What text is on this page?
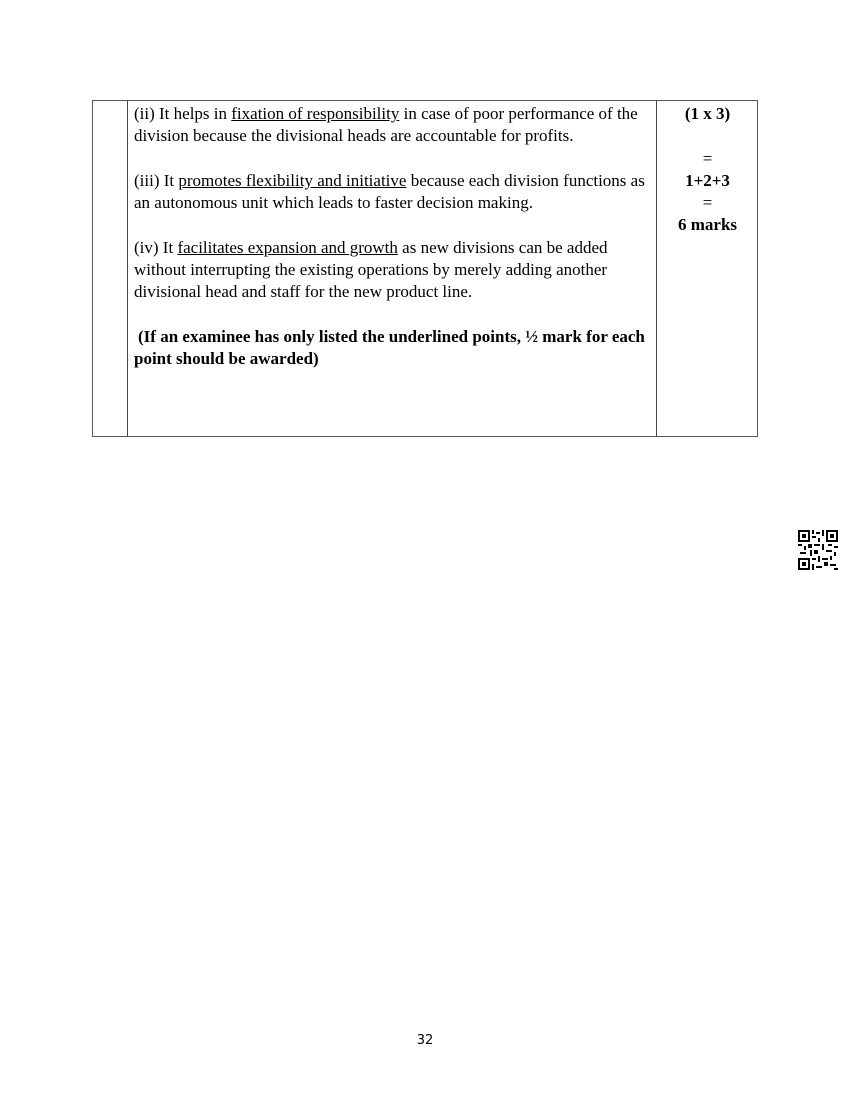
(ii) It helps in fixation of responsibility in case of poor performance of the division because the divisional heads are accountable for profits.

(iii) It promotes flexibility and initiative because each division functions as an autonomous unit which leads to faster decision making.

(iv) It facilitates expansion and growth as new divisions can be added without interrupting the existing operations by merely adding another divisional head and staff for the new product line.

(If an examinee has only listed the underlined points, ½ mark for each point should be awarded)

(1 x 3)
=
1+2+3
=
6 marks
32
